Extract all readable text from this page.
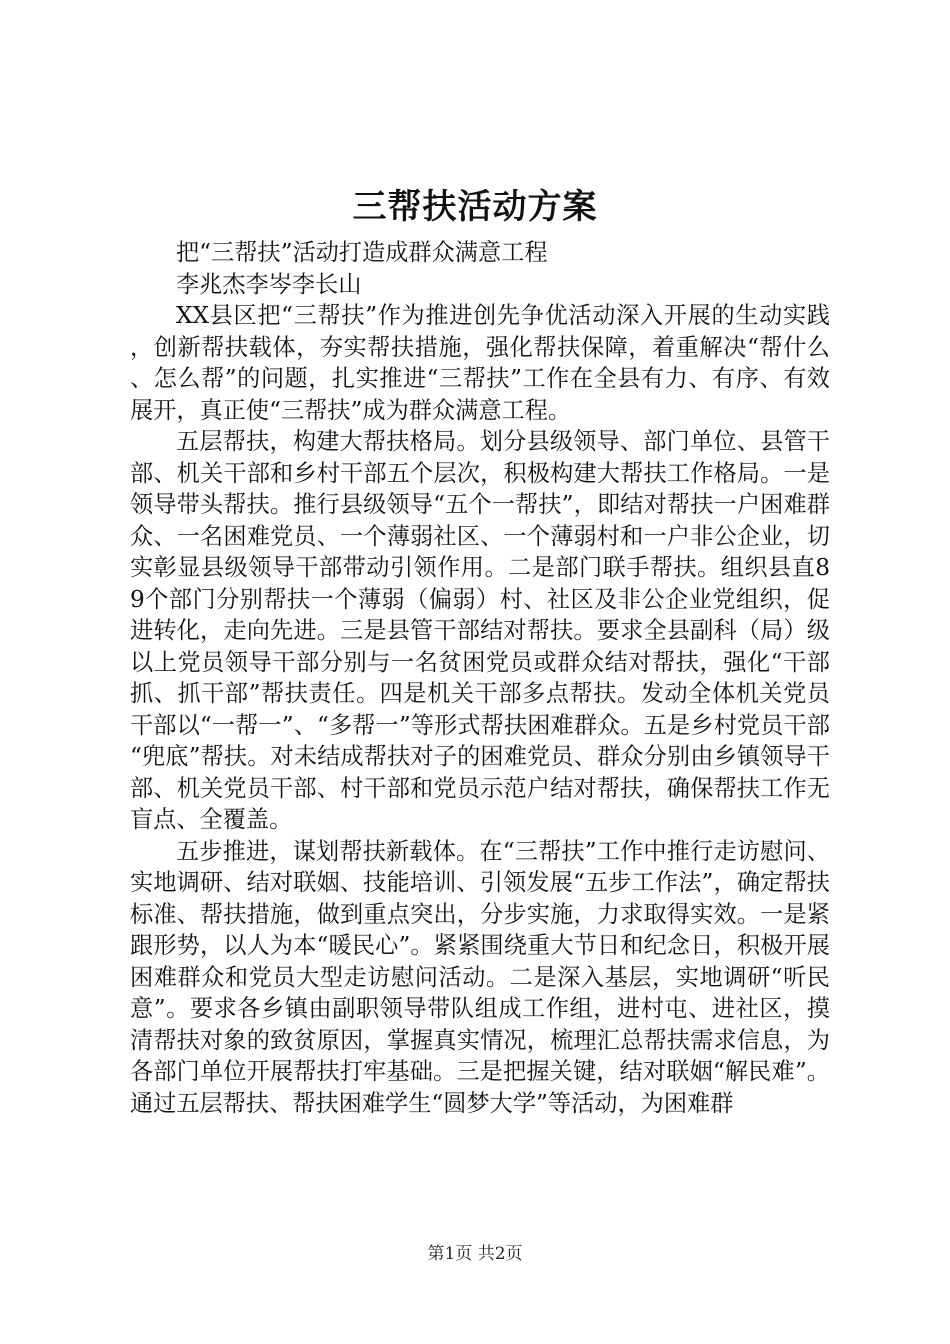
三帮扶活动方案

把“三帮扶”活动打造成群众满意工程

李兆杰李岑李长山

XX县区把“三帮扶”作为推进创先争优活动深入开展的生动实践，创新帮扶载体，夯实帮扶措施，强化帮扶保障，着重解决“帮什么、怎么帮”的问题，扎实推进“三帮扶”工作在全县有力、有序、有效展开，真正使“三帮扶”成为群众满意工程。

五层帮扶，构建大帮扶格局。划分县级领导、部门单位、县管干部、机关干部和乡村干部五个层次，积极构建大帮扶工作格局。一是领导带头帮扶。推行县级领导“五个一帮扶”，即结对帮扶一户困难群众、一名困难党员、一个薄弱社区、一个薄弱村和一户非公企业，切实彰显县级领导干部带动引领作用。二是部门联手帮扶。组织县直89个部门分别帮扶一个薄弱（偏弱）村、社区及非公企业党组织，促进转化，走向先进。三是县管干部结对帮扶。要求全县副科（局）级以上党员领导干部分别与一名贫困党员或群众结对帮扶，强化“干部抓、抓干部”帮扶责任。四是机关干部多点帮扶。发动全体机关党员干部以“一帮一”、“多帮一”等形式帮扶困难群众。五是乡村党员干部“兜底”帮扶。对未结成帮扶对子的困难党员、群众分别由乡镇领导干部、机关党员干部、村干部和党员示范户结对帮扶，确保帮扶工作无盲点、全覆盖。

五步推进，谋划帮扶新载体。在“三帮扶”工作中推行走访慰问、实地调研、结对联姻、技能培训、引领发展“五步工作法”，确定帮扶标准、帮扶措施，做到重点突出，分步实施，力求取得实效。一是紧跟形势，以人为本“暖民心”。紧紧围绕重大节日和纪念日，积极开展困难群众和党员大型走访慰问活动。二是深入基层，实地调研“听民意”。要求各乡镇由副职领导带队组成工作组，进村屯、进社区，摸清帮扶对象的致贫原因，掌握真实情况，梳理汇总帮扶需求信息，为各部门单位开展帮扶打牢基础。三是把握关键，结对联姻“解民难”。通过五层帮扶、帮扶困难学生“圆梦大学”等活动，为困难群

第1页 共2页
